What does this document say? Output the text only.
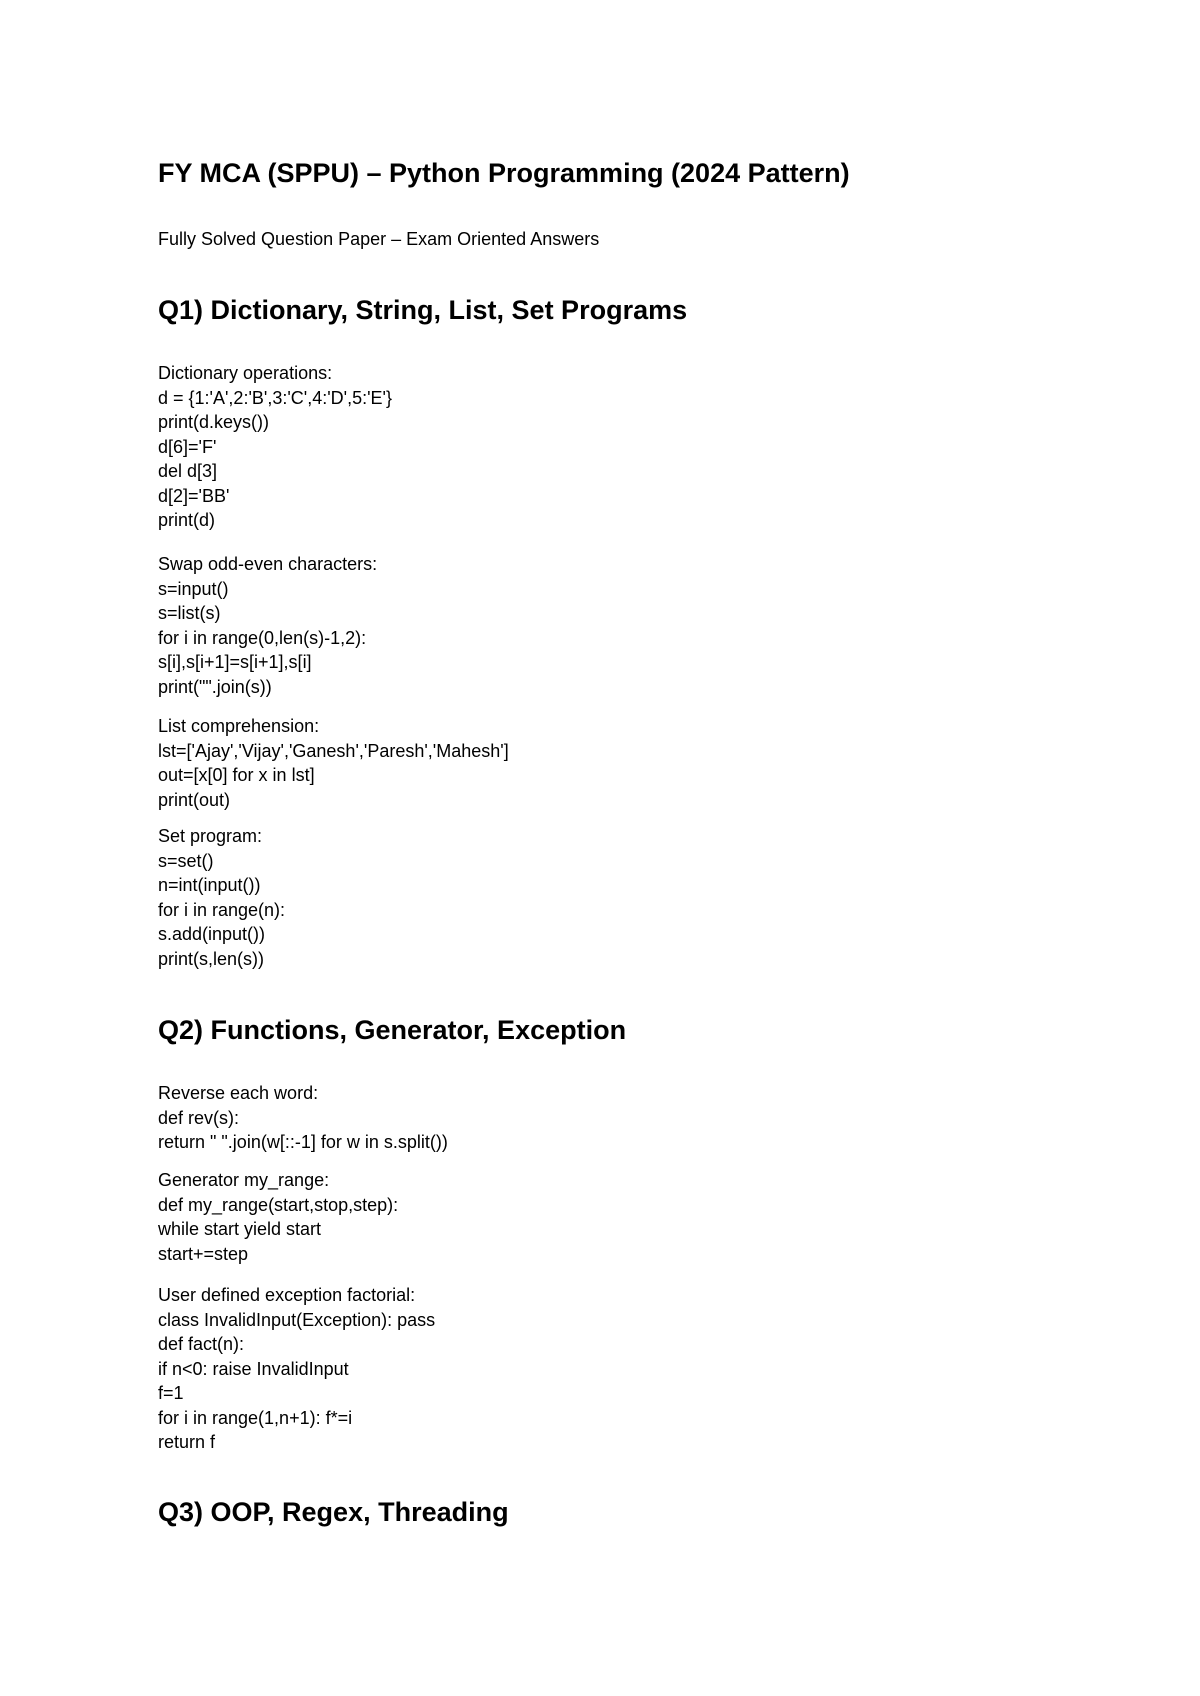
FY MCA (SPPU) – Python Programming (2024 Pattern)

Fully Solved Question Paper – Exam Oriented Answers

Q1) Dictionary, String, List, Set Programs
Dictionary operations:
d = {1:'A',2:'B',3:'C',4:'D',5:'E'}
print(d.keys())
d[6]='F'
del d[3]
d[2]='BB'
print(d)
Swap odd-even characters:
s=input()
s=list(s)
for i in range(0,len(s)-1,2):
s[i],s[i+1]=s[i+1],s[i]
print("".join(s))
List comprehension:
lst=['Ajay','Vijay','Ganesh','Paresh','Mahesh']
out=[x[0] for x in lst]
print(out)
Set program:
s=set()
n=int(input())
for i in range(n):
s.add(input())
print(s,len(s))
Q2) Functions, Generator, Exception
Reverse each word:
def rev(s):
return " ".join(w[::-1] for w in s.split())
Generator my_range:
def my_range(start,stop,step):
while start yield start
start+=step
User defined exception factorial:
class InvalidInput(Exception): pass
def fact(n):
if n<0: raise InvalidInput
f=1
for i in range(1,n+1): f*=i
return f
Q3) OOP, Regex, Threading
